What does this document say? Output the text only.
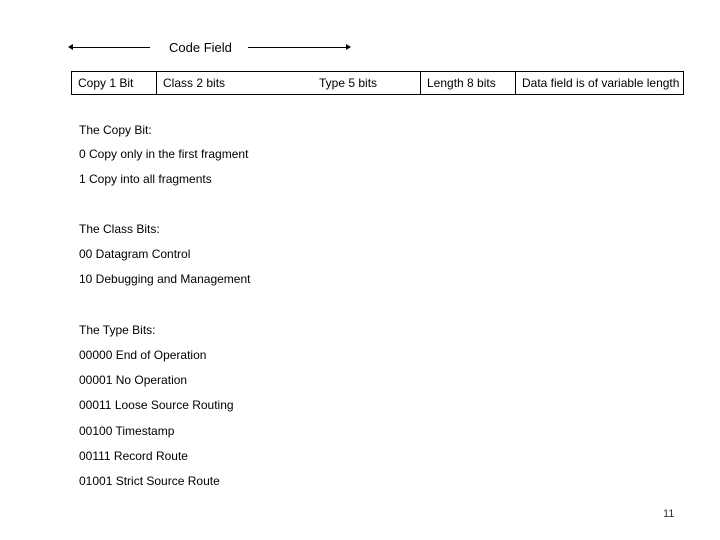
Code Field
Copy 1 Bit	Class 2 bits	Type 5 bits	Length 8 bits	Data field is of variable length
The Copy Bit:
0 Copy only in the first fragment
1 Copy into all fragments
The Class Bits:
00 Datagram Control
10 Debugging and Management
The Type Bits:
00000 End of Operation
00001 No Operation
00011 Loose Source Routing
00100 Timestamp
00111 Record Route
01001 Strict Source Route
11
